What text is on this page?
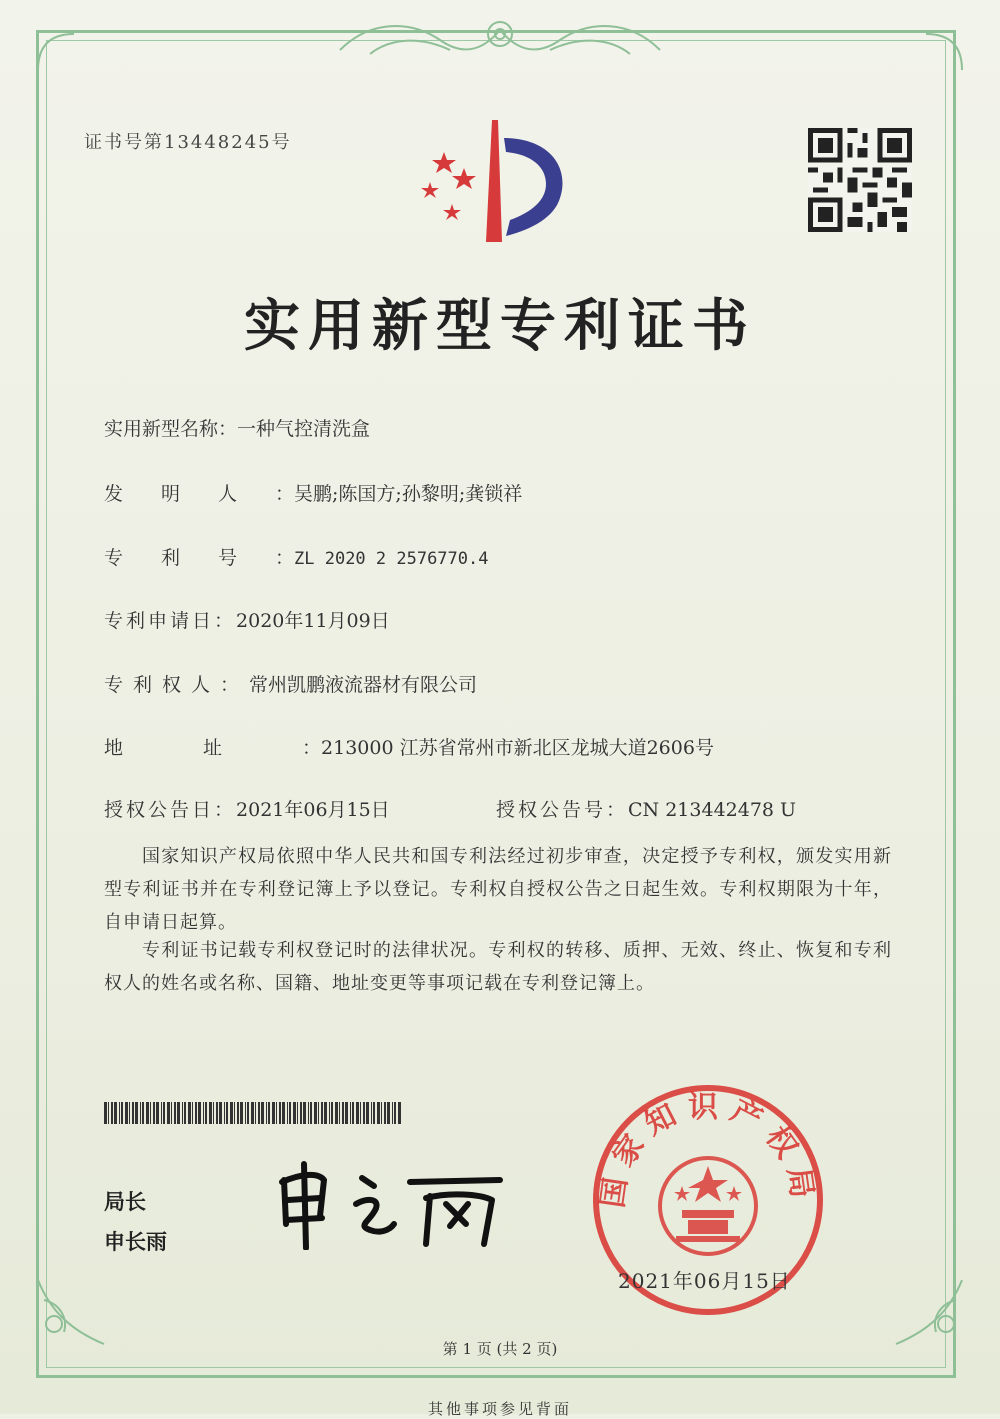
证书号第13448245号
实用新型专利证书
实用新型名称：一种气控清洗盒
发明人：吴鹏;陈国方;孙黎明;龚锁祥
专利号：ZL 2020 2 2576770.4
专利申请日：2020年11月09日
专利权人：常州凯鹏液流器材有限公司
地址：213000 江苏省常州市新北区龙城大道2606号
授权公告日：2021年06月15日	授权公告号：CN 213442478 U
国家知识产权局依照中华人民共和国专利法经过初步审查，决定授予专利权，颁发实用新型专利证书并在专利登记簿上予以登记。专利权自授权公告之日起生效。专利权期限为十年，自申请日起算。
专利证书记载专利权登记时的法律状况。专利权的转移、质押、无效、终止、恢复和专利权人的姓名或名称、国籍、地址变更等事项记载在专利登记簿上。
局长
申长雨
国家知识产权局
2021年06月15日
第 1 页 (共 2 页)
其他事项参见背面
